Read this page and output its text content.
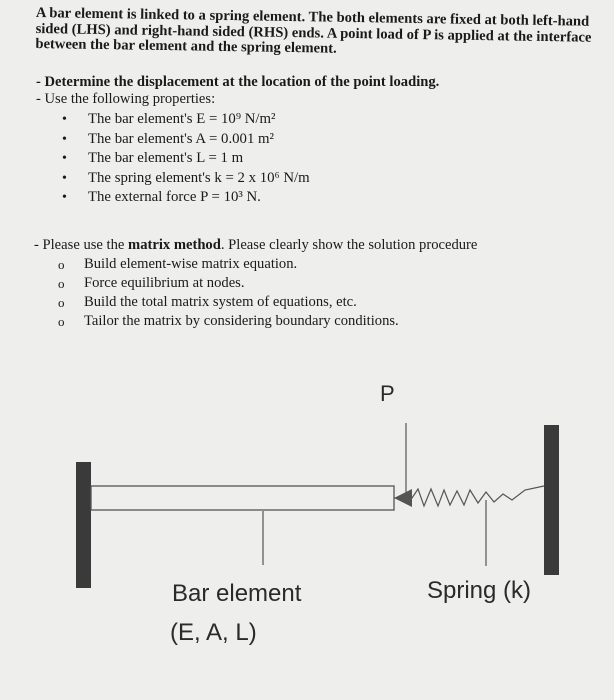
A bar element is linked to a spring element. The both elements are fixed at both left-hand sided (LHS) and right-hand sided (RHS) ends. A point load of P is applied at the interface between the bar element and the spring element.
- Determine the displacement at the location of the point loading.
- Use the following properties:
• The bar element's E = 10⁹ N/m²
• The bar element's A = 0.001 m²
• The bar element's L = 1 m
• The spring element's k = 2 x 10⁶ N/m
• The external force P = 10³ N.
- Please use the matrix method. Please clearly show the solution procedure
o Build element-wise matrix equation.
o Force equilibrium at nodes.
o Build the total matrix system of equations, etc.
o Tailor the matrix by considering boundary conditions.
P
Bar element
(E, A, L)
Spring (k)
